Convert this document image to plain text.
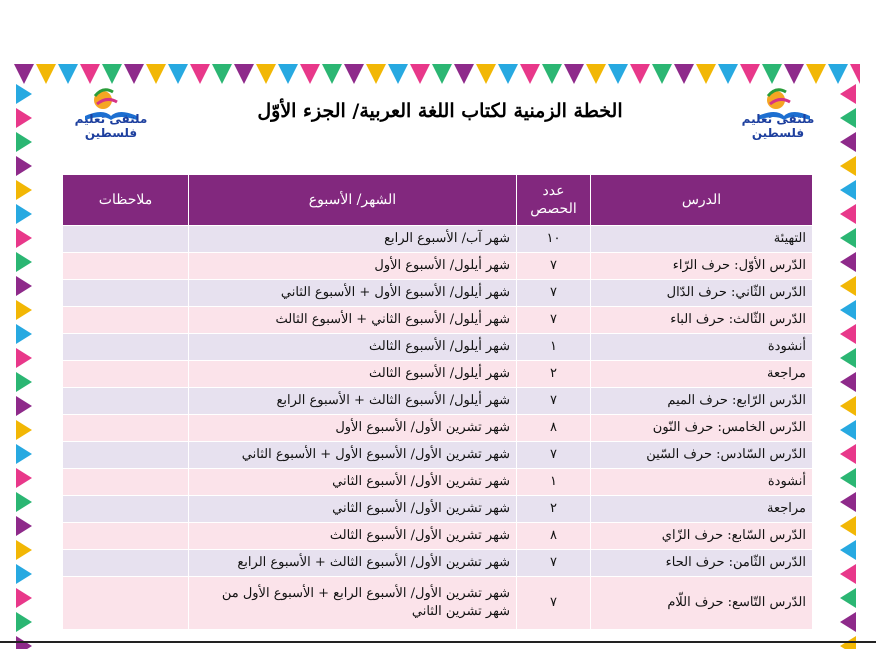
ملتقى تعليم فلسطين
ملتقى تعليم فلسطين
الخطة الزمنية لكتاب اللغة العربية/ الجزء الأوّل
الدرس	عدد الحصص	الشهر/ الأسبوع	ملاحظات
التهيئة	١٠	شهر آب/ الأسبوع الرابع	
الدّرس الأوّل: حرف الرّاء	٧	شهر أيلول/ الأسبوع الأول	
الدّرس الثّاني: حرف الدّال	٧	شهر أيلول/ الأسبوع الأول + الأسبوع الثاني	
الدّرس الثّالث: حرف الباء	٧	شهر أيلول/ الأسبوع الثاني + الأسبوع الثالث	
أنشودة	١	شهر أيلول/ الأسبوع الثالث	
مراجعة	٢	شهر أيلول/ الأسبوع الثالث	
الدّرس الرّابع: حرف الميم	٧	شهر أيلول/ الأسبوع الثالث + الأسبوع الرابع	
الدّرس الخامس: حرف النّون	٨	شهر تشرين الأول/ الأسبوع الأول	
الدّرس السّادس: حرف السّين	٧	شهر تشرين الأول/ الأسبوع الأول + الأسبوع الثاني	
أنشودة	١	شهر تشرين الأول/ الأسبوع الثاني	
مراجعة	٢	شهر تشرين الأول/ الأسبوع الثاني	
الدّرس السّابع: حرف الزّاي	٨	شهر تشرين الأول/ الأسبوع الثالث	
الدّرس الثّامن: حرف الحاء	٧	شهر تشرين الأول/ الأسبوع الثالث + الأسبوع الرابع	
الدّرس التّاسع: حرف اللّام	٧	شهر تشرين الأول/ الأسبوع الرابع + الأسبوع الأول من شهر تشرين الثاني	
